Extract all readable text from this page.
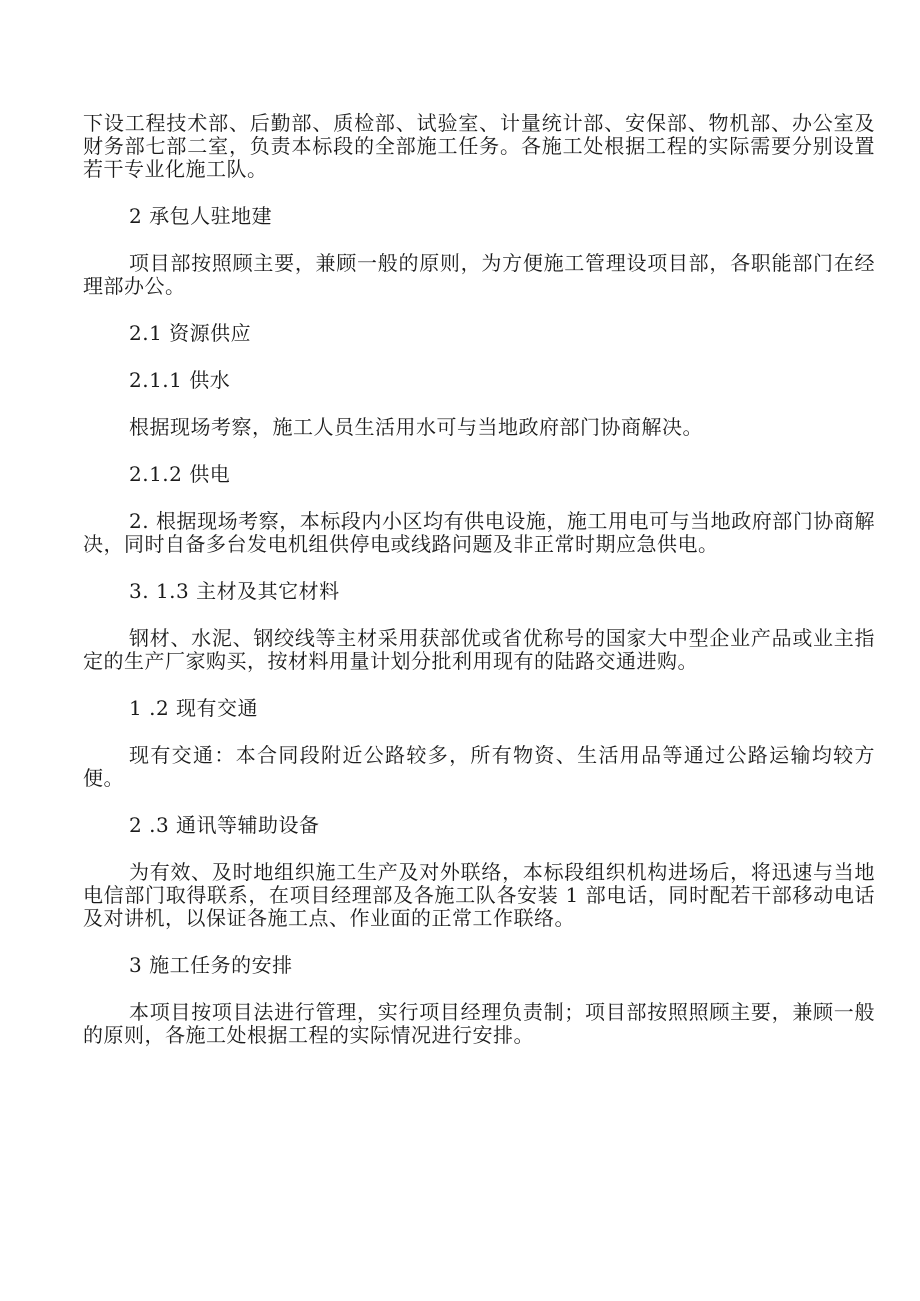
下设工程技术部、后勤部、质检部、试验室、计量统计部、安保部、物机部、办公室及财务部七部二室，负责本标段的全部施工任务。各施工处根据工程的实际需要分别设置若干专业化施工队。

2 承包人驻地建

项目部按照顾主要，兼顾一般的原则，为方便施工管理设项目部，各职能部门在经理部办公。

2.1 资源供应

2.1.1 供水

根据现场考察，施工人员生活用水可与当地政府部门协商解决。

2.1.2 供电

2. 根据现场考察，本标段内小区均有供电设施，施工用电可与当地政府部门协商解决，同时自备多台发电机组供停电或线路问题及非正常时期应急供电。

3. 1.3 主材及其它材料

钢材、水泥、钢绞线等主材采用获部优或省优称号的国家大中型企业产品或业主指定的生产厂家购买，按材料用量计划分批利用现有的陆路交通进购。

1 .2 现有交通

现有交通：本合同段附近公路较多，所有物资、生活用品等通过公路运输均较方便。

2 .3 通讯等辅助设备

为有效、及时地组织施工生产及对外联络，本标段组织机构进场后，将迅速与当地电信部门取得联系，在项目经理部及各施工队各安装 1 部电话，同时配若干部移动电话及对讲机，以保证各施工点、作业面的正常工作联络。

3 施工任务的安排

本项目按项目法进行管理，实行项目经理负责制；项目部按照照顾主要，兼顾一般的原则，各施工处根据工程的实际情况进行安排。
